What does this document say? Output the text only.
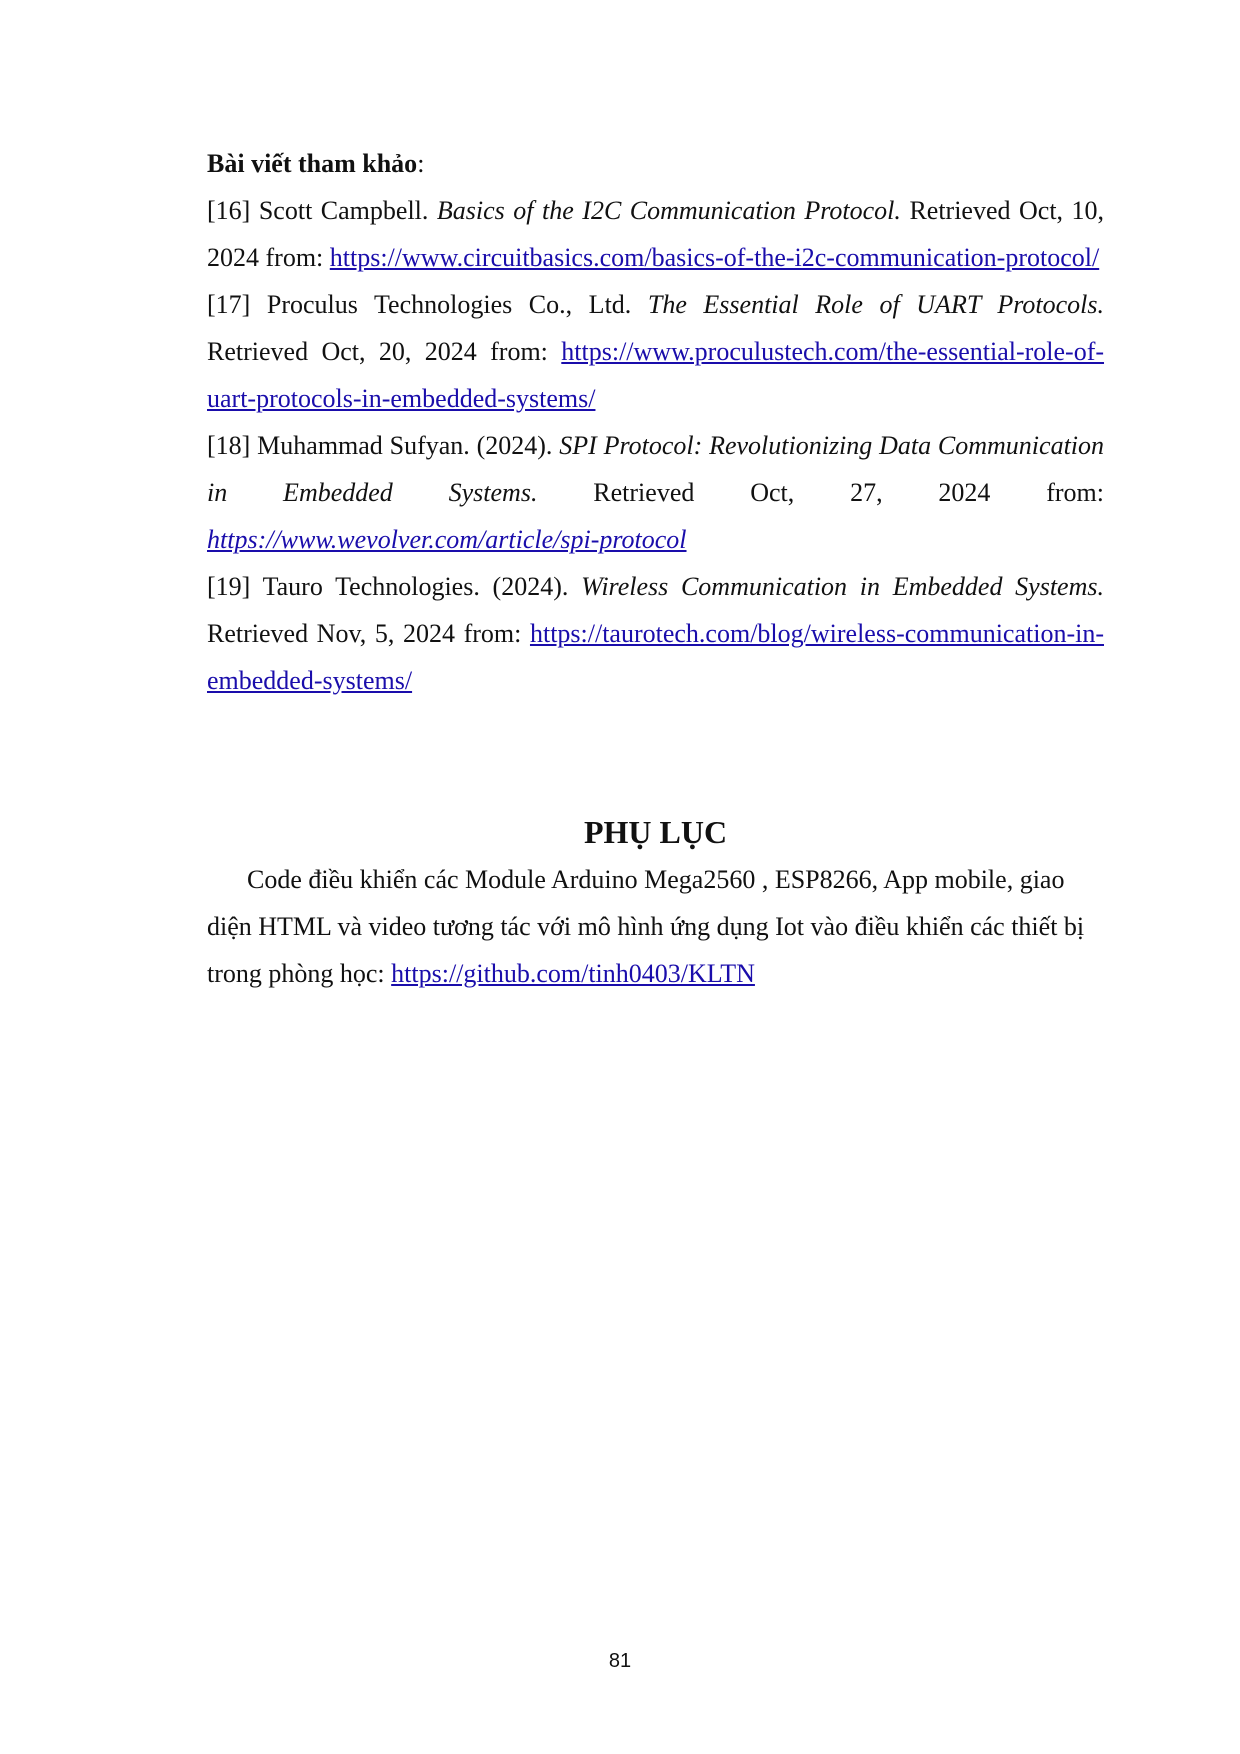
Bài viết tham khảo:

[16] Scott Campbell. Basics of the I2C Communication Protocol. Retrieved Oct, 10, 2024 from: https://www.circuitbasics.com/basics-of-the-i2c-communication-protocol/

[17] Proculus Technologies Co., Ltd. The Essential Role of UART Protocols. Retrieved Oct, 20, 2024 from: https://www.proculustech.com/the-essential-role-of-uart-protocols-in-embedded-systems/

[18] Muhammad Sufyan. (2024). SPI Protocol: Revolutionizing Data Communication in Embedded Systems. Retrieved Oct, 27, 2024 from: https://www.wevolver.com/article/spi-protocol

[19] Tauro Technologies. (2024). Wireless Communication in Embedded Systems. Retrieved Nov, 5, 2024 from: https://taurotech.com/blog/wireless-communication-in-embedded-systems/

PHỤ LỤC

Code điều khiển các Module Arduino Mega2560 , ESP8266, App mobile, giao diện HTML và video tương tác với mô hình ứng dụng Iot vào điều khiển các thiết bị trong phòng học: https://github.com/tinh0403/KLTN

81
